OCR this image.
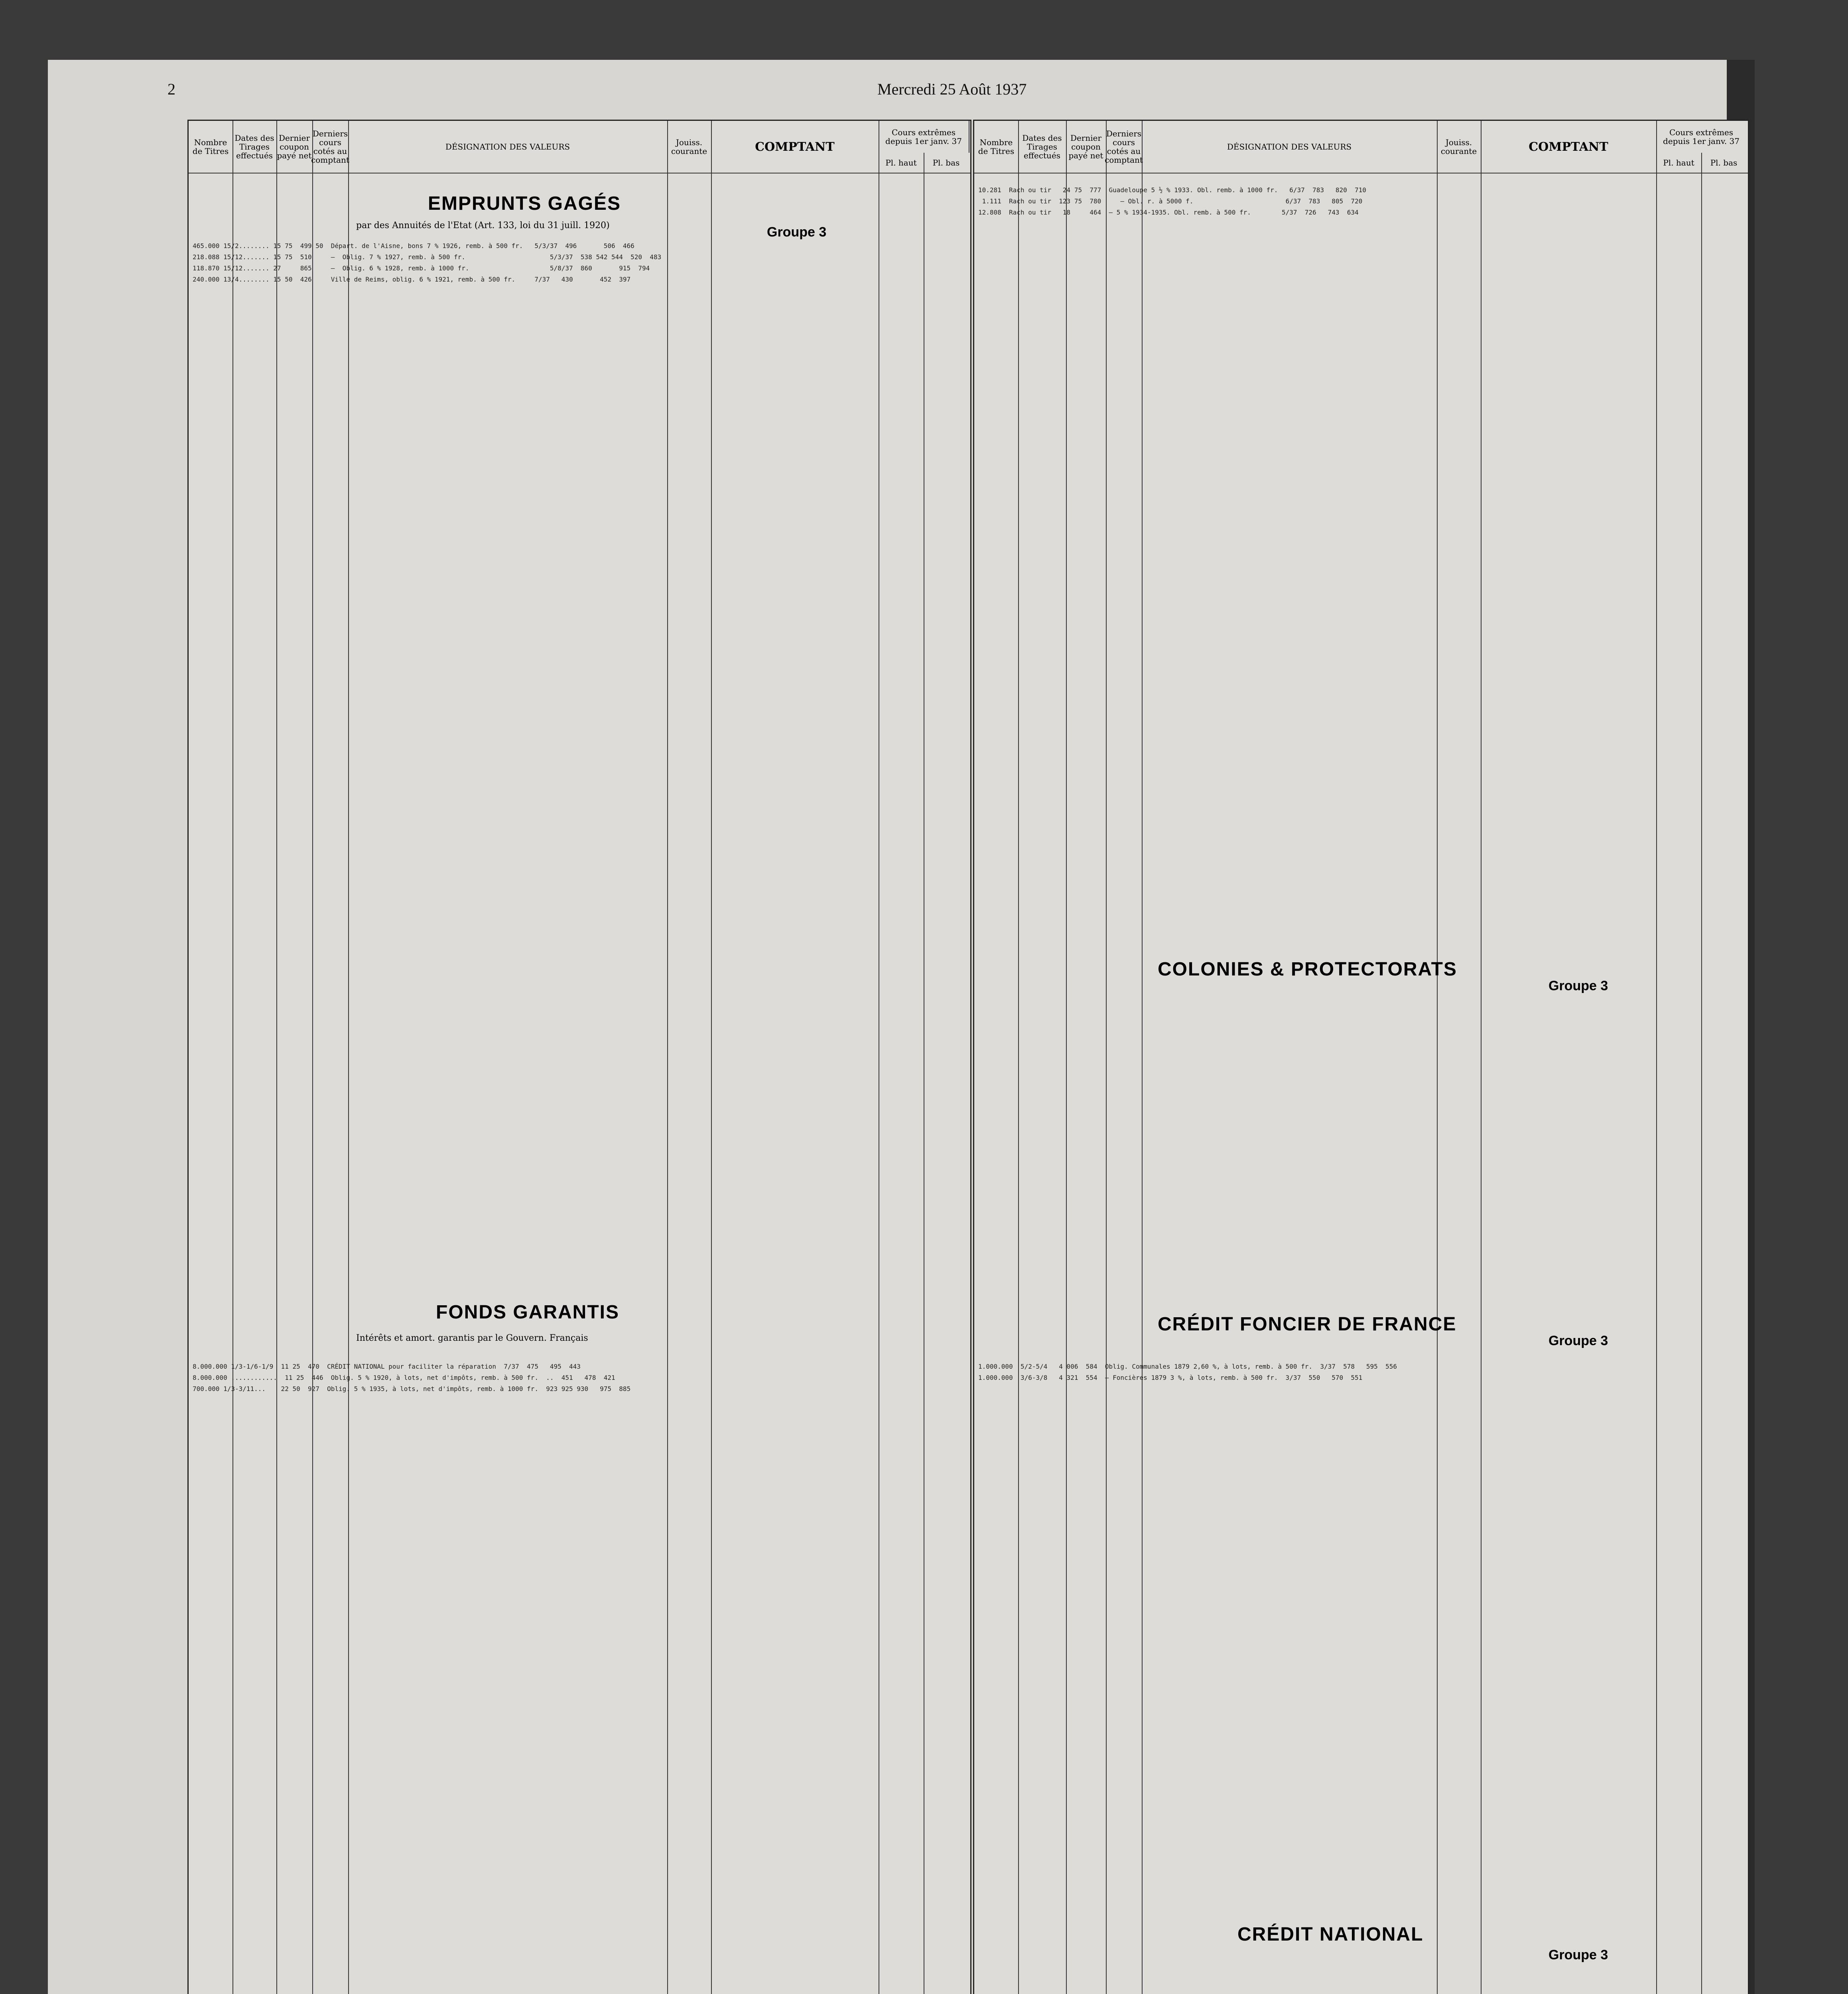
2	Mercredi 25 Août 1937
Nombre de Titres
Dates des Tirages effectués
Dernier coupon payé net
Derniers cours cotés au comptant
DÉSIGNATION DES VALEURS	Jouiss. courante	COMPTANT
Cours extrêmes depuis 1er janv. 37
Pl. haut	Pl. bas
EMPRUNTS GAGÉS
par des Annuités de l'Etat (Art. 133, loi du 31 juill. 1920)	Groupe 3
465.000 15/2........ 15 75  499 50  Départ. de l'Aisne, bons 7 % 1926, remb. à 500 fr.   5/3/37  496       506  466
218.088 15/12....... 15 75  510     —  Oblig. 7 % 1927, remb. à 500 fr.                      5/3/37  538 542 544  520  483
118.870 15/12....... 27     865     —  Oblig. 6 % 1928, remb. à 1000 fr.                     5/8/37  860       915  794
240.000 13/4........ 15 50  426     Ville de Reims, oblig. 6 % 1921, remb. à 500 fr.     7/37   430       452  397
FONDS GARANTIS
Intérêts et amort. garantis par le Gouvern. Français
8.000.000 1/3-1/6-1/9  11 25  470  CRÉDIT NATIONAL pour faciliter la réparation  7/37  475   495  443
8.000.000 ............  11 25  446  Oblig. 5 % 1920, à lots, net d'impôts, remb. à 500 fr.  ..  451   478  421
700.000 1/3-3/11...    22 50  927  Oblig. 5 % 1935, à lots, net d'impôts, remb. à 1000 fr.  923 925 930   975  885
Nombre de Titres
Dates des Tirages effectués
Dernier coupon payé net
Derniers cours cotés au comptant
DÉSIGNATION DES VALEURS	Jouiss. courante	COMPTANT
Cours extrêmes depuis 1er janv. 37
Pl. haut	Pl. bas
10.281  Rach ou tir   24 75  777  Guadeloupe 5 ½ % 1933. Obl. remb. à 1000 fr.   6/37  783   820  710
1.111  Rach ou tir  123 75  780     — Obl. r. à 5000 f.                        6/37  783   805  720
12.808  Rach ou tir   18     464  — 5 % 1934-1935. Obl. remb. à 500 fr.        5/37  726   743  634
COLONIES & PROTECTORATS
Groupe 3
CRÉDIT FONCIER DE FRANCE
Groupe 3
1.000.000  5/2-5/4   4 006  584  Oblig. Communales 1879 2,60 %, à lots, remb. à 500 fr.  3/37  578   595  556
1.000.000  3/6-3/8   4 321  554  — Foncières 1879 3 %, à lots, remb. à 500 fr.  3/37  550   570  551
CRÉDIT NATIONAL
Groupe 3
